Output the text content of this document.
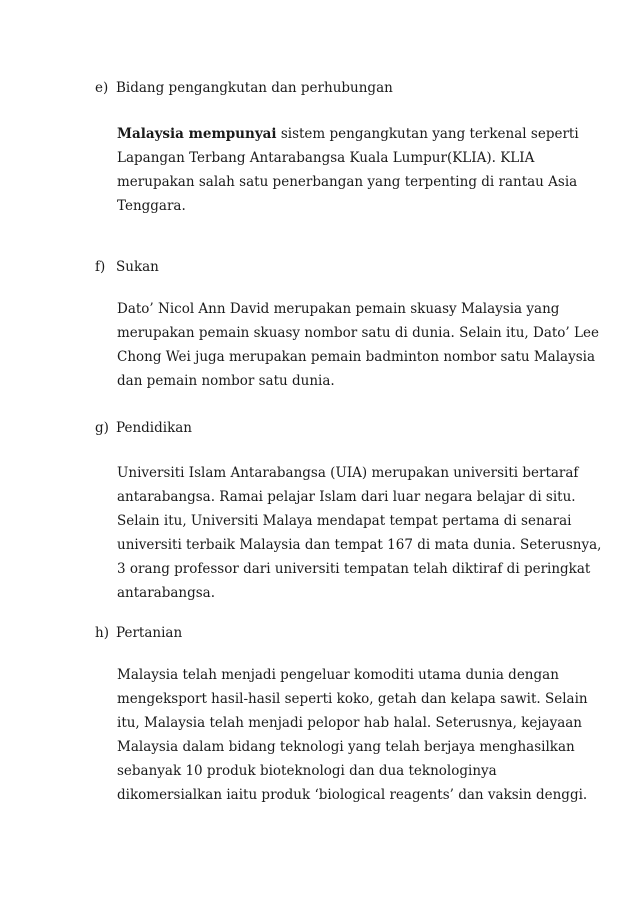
e) Bidang pengangkutan dan perhubungan
Malaysia mempunyai sistem pengangkutan yang terkenal seperti
Lapangan Terbang Antarabangsa Kuala Lumpur(KLIA). KLIA
merupakan salah satu penerbangan yang terpenting di rantau Asia
Tenggara.
f) Sukan
Dato’ Nicol Ann David merupakan pemain skuasy Malaysia yang
merupakan pemain skuasy nombor satu di dunia. Selain itu, Dato’ Lee
Chong Wei juga merupakan pemain badminton nombor satu Malaysia
dan pemain nombor satu dunia.
g) Pendidikan
Universiti Islam Antarabangsa (UIA) merupakan universiti bertaraf
antarabangsa. Ramai pelajar Islam dari luar negara belajar di situ.
Selain itu, Universiti Malaya mendapat tempat pertama di senarai
universiti terbaik Malaysia dan tempat 167 di mata dunia. Seterusnya,
3 orang professor dari universiti tempatan telah diktiraf di peringkat
antarabangsa.
h) Pertanian
Malaysia telah menjadi pengeluar komoditi utama dunia dengan
mengeksport hasil-hasil seperti koko, getah dan kelapa sawit. Selain
itu, Malaysia telah menjadi pelopor hab halal. Seterusnya, kejayaan
Malaysia dalam bidang teknologi yang telah berjaya menghasilkan
sebanyak 10 produk bioteknologi dan dua teknologinya
dikomersialkan iaitu produk ‘biological reagents’ dan vaksin denggi.
